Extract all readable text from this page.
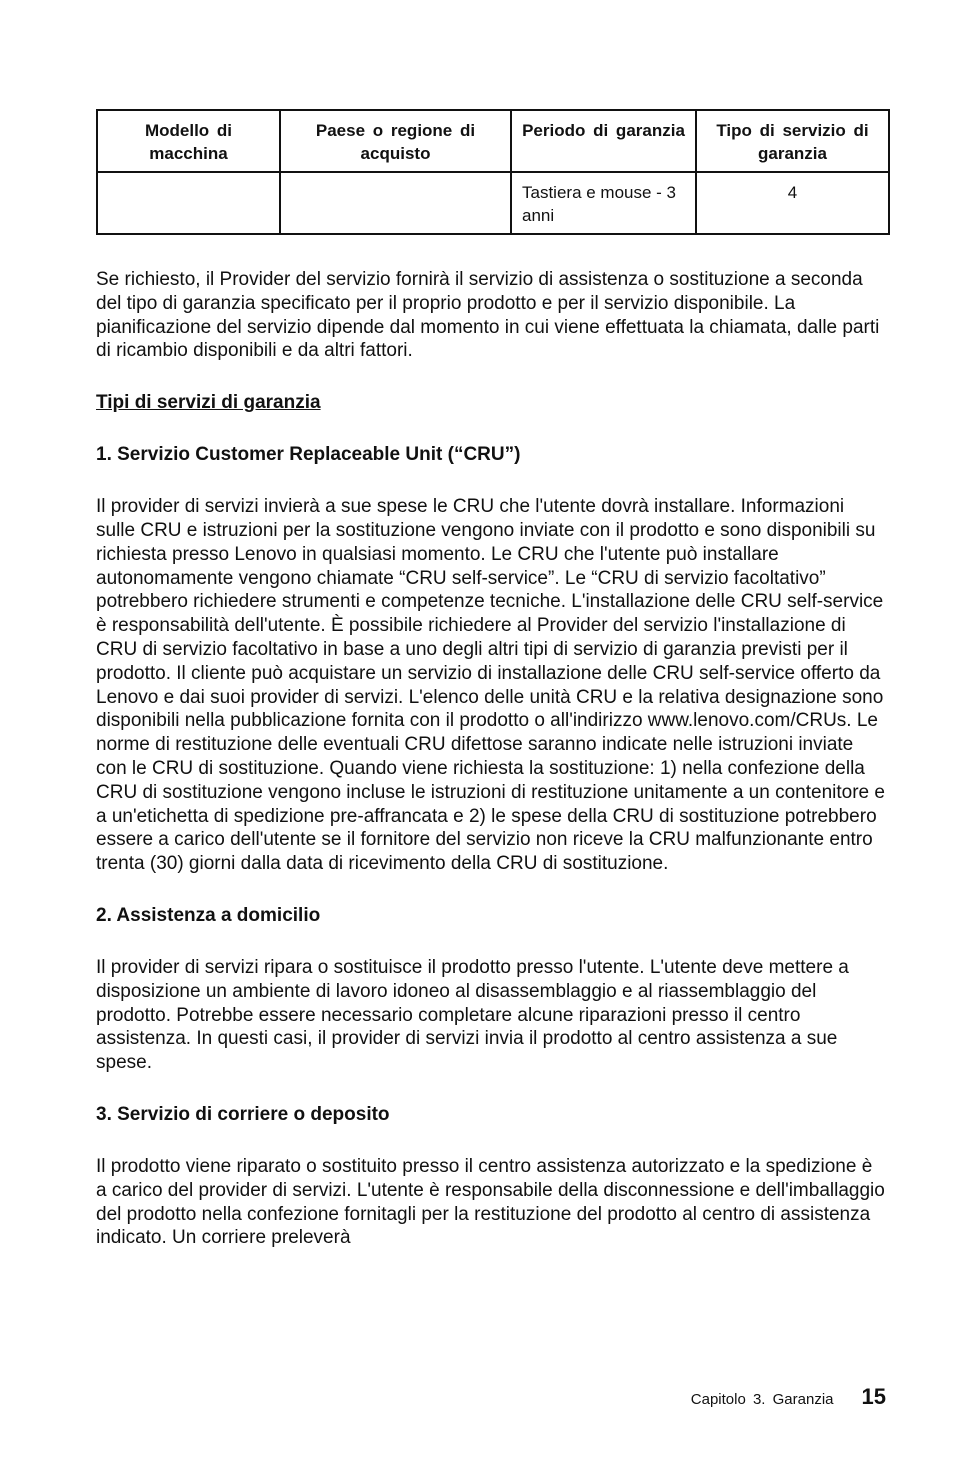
Modello di macchina	Paese o regione di acquisto	Periodo di garanzia	Tipo di servizio di garanzia
		Tastiera e mouse - 3 anni	4

Se richiesto, il Provider del servizio fornirà il servizio di assistenza o sostituzione a seconda del tipo di garanzia specificato per il proprio prodotto e per il servizio disponibile. La pianificazione del servizio dipende dal momento in cui viene effettuata la chiamata, dalle parti di ricambio disponibili e da altri fattori.

Tipi di servizi di garanzia
1. Servizio Customer Replaceable Unit (“CRU”)

Il provider di servizi invierà a sue spese le CRU che l'utente dovrà installare. Informazioni sulle CRU e istruzioni per la sostituzione vengono inviate con il prodotto e sono disponibili su richiesta presso Lenovo in qualsiasi momento. Le CRU che l'utente può installare autonomamente vengono chiamate “CRU self-service”. Le “CRU di servizio facoltativo” potrebbero richiedere strumenti e competenze tecniche. L'installazione delle CRU self-service è responsabilità dell'utente. È possibile richiedere al Provider del servizio l'installazione di CRU di servizio facoltativo in base a uno degli altri tipi di servizio di garanzia previsti per il prodotto. Il cliente può acquistare un servizio di installazione delle CRU self-service offerto da Lenovo e dai suoi provider di servizi. L'elenco delle unità CRU e la relativa designazione sono disponibili nella pubblicazione fornita con il prodotto o all'indirizzo www.lenovo.com/CRUs. Le norme di restituzione delle eventuali CRU difettose saranno indicate nelle istruzioni inviate con le CRU di sostituzione. Quando viene richiesta la sostituzione: 1) nella confezione della CRU di sostituzione vengono incluse le istruzioni di restituzione unitamente a un contenitore e a un'etichetta di spedizione pre-affrancata e 2) le spese della CRU di sostituzione potrebbero essere a carico dell'utente se il fornitore del servizio non riceve la CRU malfunzionante entro trenta (30) giorni dalla data di ricevimento della CRU di sostituzione.

2. Assistenza a domicilio

Il provider di servizi ripara o sostituisce il prodotto presso l'utente. L'utente deve mettere a disposizione un ambiente di lavoro idoneo al disassemblaggio e al riassemblaggio del prodotto. Potrebbe essere necessario completare alcune riparazioni presso il centro assistenza. In questi casi, il provider di servizi invia il prodotto al centro assistenza a sue spese.

3. Servizio di corriere o deposito

Il prodotto viene riparato o sostituito presso il centro assistenza autorizzato e la spedizione è a carico del provider di servizi. L'utente è responsabile della disconnessione e dell'imballaggio del prodotto nella confezione fornitagli per la restituzione del prodotto al centro di assistenza indicato. Un corriere preleverà

Capitolo 3. Garanzia 15
